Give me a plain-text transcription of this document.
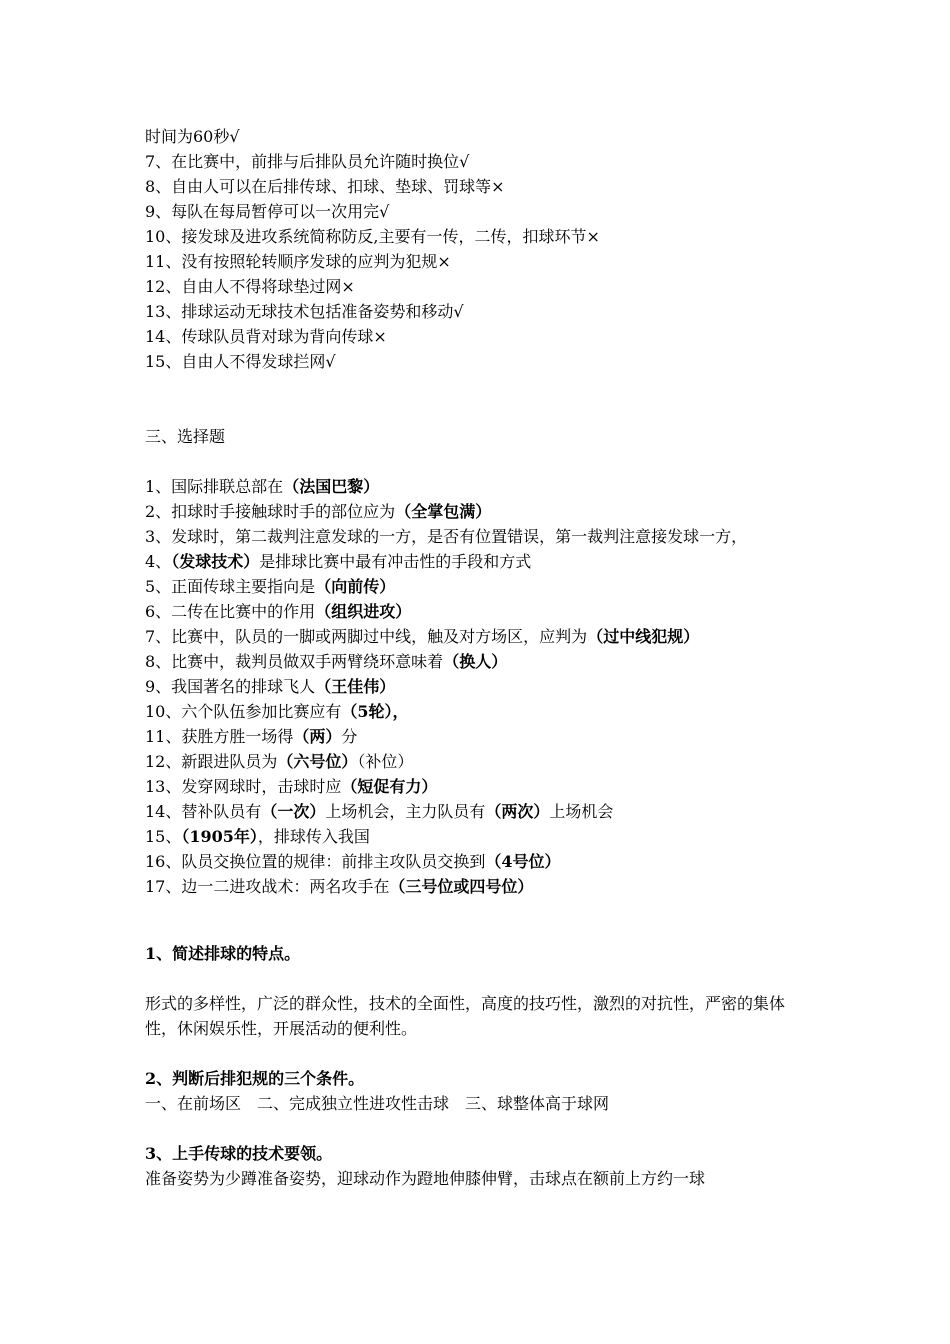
时间为60秒√

7、在比赛中，前排与后排队员允许随时换位√

8、自由人可以在后排传球、扣球、垫球、罚球等×

9、每队在每局暂停可以一次用完√

10、接发球及进攻系统简称防反,主要有一传，二传，扣球环节×

11、没有按照轮转顺序发球的应判为犯规×

12、自由人不得将球垫过网×

13、排球运动无球技术包括准备姿势和移动√

14、传球队员背对球为背向传球×

15、自由人不得发球拦网√

三、选择题

1、国际排联总部在（法国巴黎）

2、扣球时手接触球时手的部位应为（全掌包满）

3、发球时，第二裁判注意发球的一方，是否有位置错误，第一裁判注意接发球一方，

4、（发球技术）是排球比赛中最有冲击性的手段和方式

5、正面传球主要指向是（向前传）

6、二传在比赛中的作用（组织进攻）

7、比赛中，队员的一脚或两脚过中线，触及对方场区，应判为（过中线犯规）

8、比赛中，裁判员做双手两臂绕环意味着（换人）

9、我国著名的排球飞人（王佳伟）

10、六个队伍参加比赛应有（5轮），

11、获胜方胜一场得（两）分

12、新跟进队员为（六号位）（补位）

13、发穿网球时，击球时应（短促有力）

14、替补队员有（一次）上场机会，主力队员有（两次）上场机会

15、（1905年），排球传入我国

16、队员交换位置的规律：前排主攻队员交换到（4号位）

17、边一二进攻战术：两名攻手在（三号位或四号位）

1、简述排球的特点。

形式的多样性，广泛的群众性，技术的全面性，高度的技巧性，激烈的对抗性，严密的集体性，休闲娱乐性，开展活动的便利性。

2、判断后排犯规的三个条件。

一、在前场区　二、完成独立性进攻性击球　三、球整体高于球网

3、上手传球的技术要领。

准备姿势为少蹲准备姿势，迎球动作为蹬地伸膝伸臂，击球点在额前上方约一球
